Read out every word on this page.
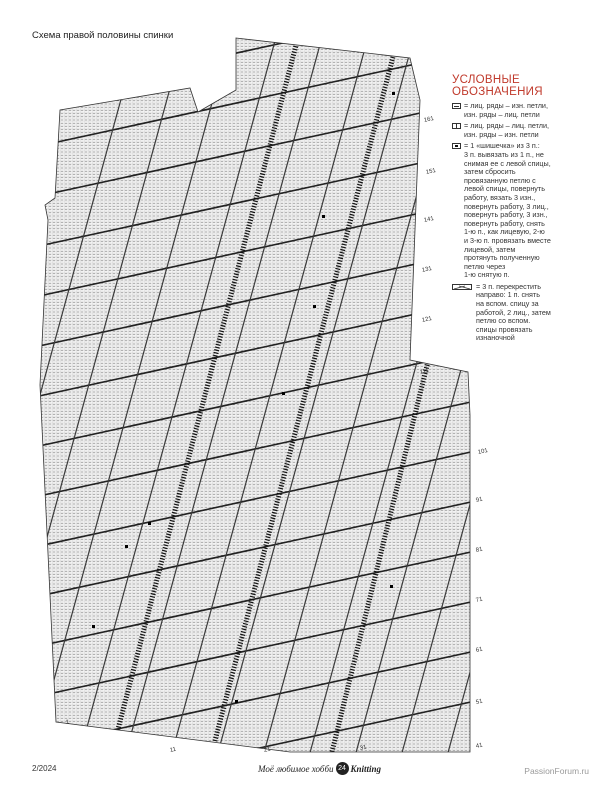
Схема правой половины спинки
161
151
141
131
121
111
101
91
81
71
61
51
41
31
21
11
1
УСЛОВНЫЕ
ОБОЗНАЧЕНИЯ
= лиц. ряды – изн. петли,
изн. ряды – лиц. петли
= лиц. ряды – лиц. петли,
изн. ряды – изн. петли
= 1 «шишечка» из 3 п.:
3 п. вывязать из 1 п., не
снимая ее с левой спицы,
затем сбросить
провязанную петлю с
левой спицы, повернуть
работу, вязать 3 изн.,
повернуть работу, 3 лиц.,
повернуть работу, 3 изн.,
повернуть работу, снять
1-ю п., как лицевую, 2-ю
и 3-ю п. провязать вместе
лицевой, затем
протянуть полученную
петлю через
1-ю снятую п.
= 3 п. перекрестить
направо: 1 п. снять
на вспом. спицу за
работой, 2 лиц., затем
петлю со вспом.
спицы провязать
изнаночной
2/2024	Моё любимое хобби 24 Knitting	PassionForum.ru
